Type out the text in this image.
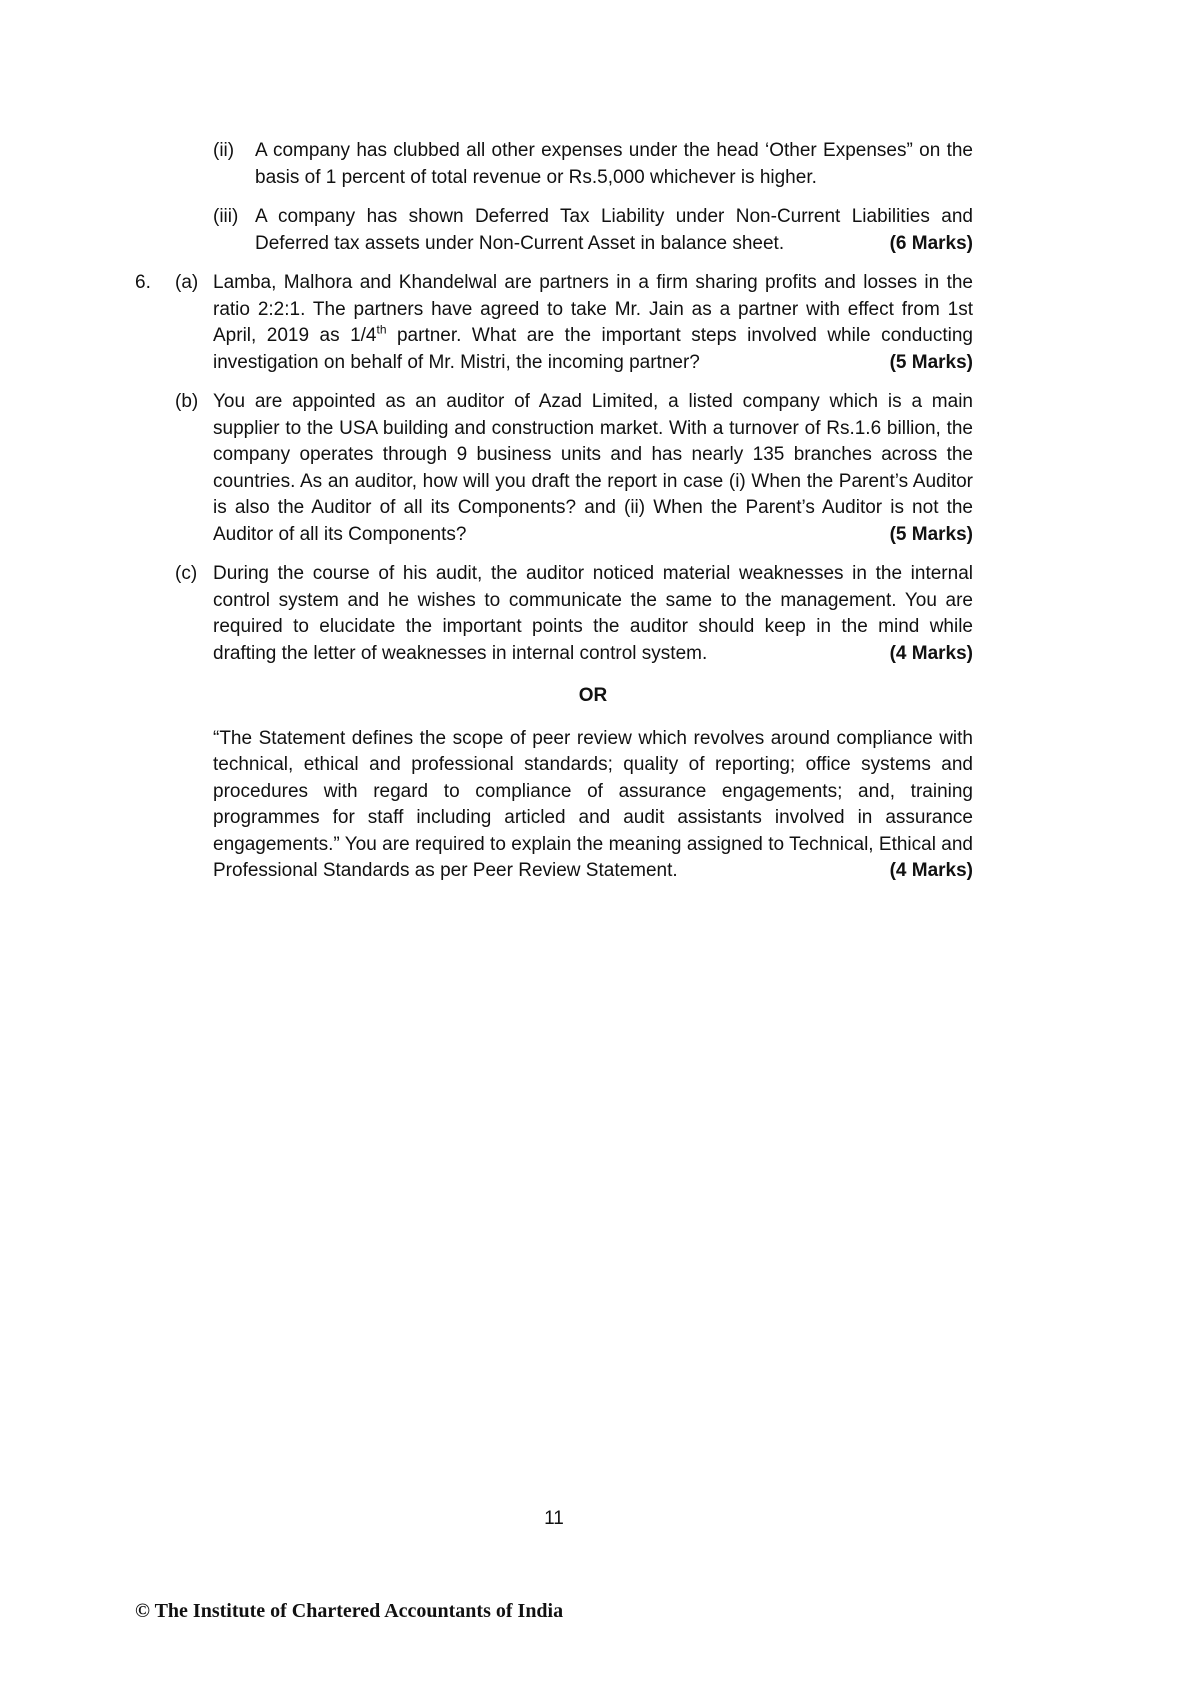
(ii)	A company has clubbed all other expenses under the head ‘Other Expenses” on the basis of 1 percent of total revenue or Rs.5,000 whichever is higher.
(iii) A company has shown Deferred Tax Liability under Non-Current Liabilities and Deferred tax assets under Non-Current Asset in balance sheet.	(6 Marks)
6.	(a) Lamba, Malhora and Khandelwal are partners in a firm sharing profits and losses in the ratio 2:2:1. The partners have agreed to take Mr. Jain as a partner with effect from 1st April, 2019 as 1/4th partner. What are the important steps involved while conducting investigation on behalf of Mr. Mistri, the incoming partner?	(5 Marks)
(b) You are appointed as an auditor of Azad Limited, a listed company which is a main supplier to the USA building and construction market. With a turnover of Rs.1.6 billion, the company operates through 9 business units and has nearly 135 branches across the countries. As an auditor, how will you draft the report in case (i) When the Parent’s Auditor is also the Auditor of all its Components? and (ii) When the Parent’s Auditor is not the Auditor of all its Components?	(5 Marks)
(c) During the course of his audit, the auditor noticed material weaknesses in the internal control system and he wishes to communicate the same to the management. You are required to elucidate the important points the auditor should keep in the mind while drafting the letter of weaknesses in internal control system.	(4 Marks)
OR
“The Statement defines the scope of peer review which revolves around compliance with technical, ethical and professional standards; quality of reporting; office systems and procedures with regard to compliance of assurance engagements; and, training programmes for staff including articled and audit assistants involved in assurance engagements.” You are required to explain the meaning assigned to Technical, Ethical and Professional Standards as per Peer Review Statement.	(4 Marks)
11
© The Institute of Chartered Accountants of India
